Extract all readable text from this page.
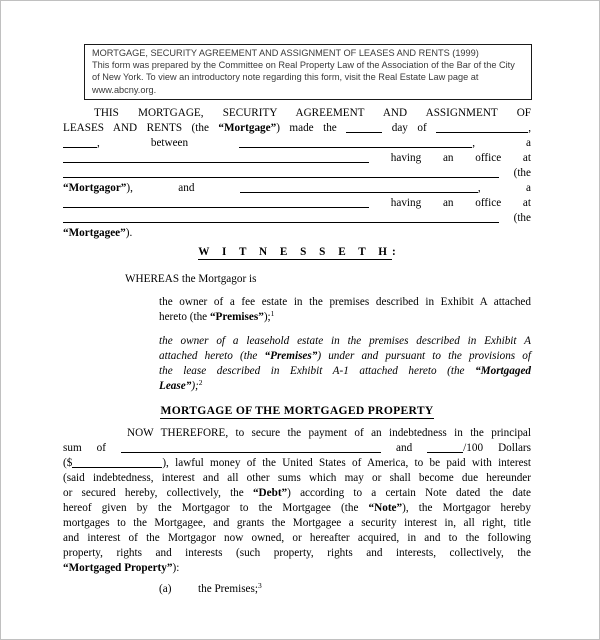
MORTGAGE, SECURITY AGREEMENT AND ASSIGNMENT OF LEASES AND RENTS (1999)
This form was prepared by the Committee on Real Property Law of the Association of the Bar of the City of New York. To view an introductory note regarding this form, visit the Real Estate Law page at www.abcny.org.
THIS MORTGAGE, SECURITY AGREEMENT AND ASSIGNMENT OF
LEASES AND RENTS (the “Mortgage”) made the	day of	,
, between	, a
having an office at
(the
“Mortgagor”), and	, a
having an office at
(the
“Mortgagee”).
W I T N E S S E T H:
WHEREAS the Mortgagor is
the owner of a fee estate in the premises described in Exhibit A attached
hereto (the “Premises”);$^1$
the owner of a leasehold estate in the premises described in Exhibit A
attached hereto (the “Premises”) under and pursuant to the provisions of
the lease described in Exhibit A-1 attached hereto (the “Mortgaged
Lease”);$^2$
MORTGAGE OF THE MORTGAGED PROPERTY
NOW THEREFORE, to secure the payment of an indebtedness in the principal
sum of	and	/100 Dollars
($	), lawful money of the United States of America, to be paid with interest
(said indebtedness, interest and all other sums which may or shall become due hereunder
or secured hereby, collectively, the “Debt”) according to a certain Note dated the date
hereof given by the Mortgagor to the Mortgagee (the “Note”), the Mortgagor hereby
mortgages to the Mortgagee, and grants the Mortgagee a security interest in, all right, title
and interest of the Mortgagor now owned, or hereafter acquired, in and to the following
property, rights and interests (such property, rights and interests, collectively, the
“Mortgaged Property”):
(a) the Premises;$^3$
